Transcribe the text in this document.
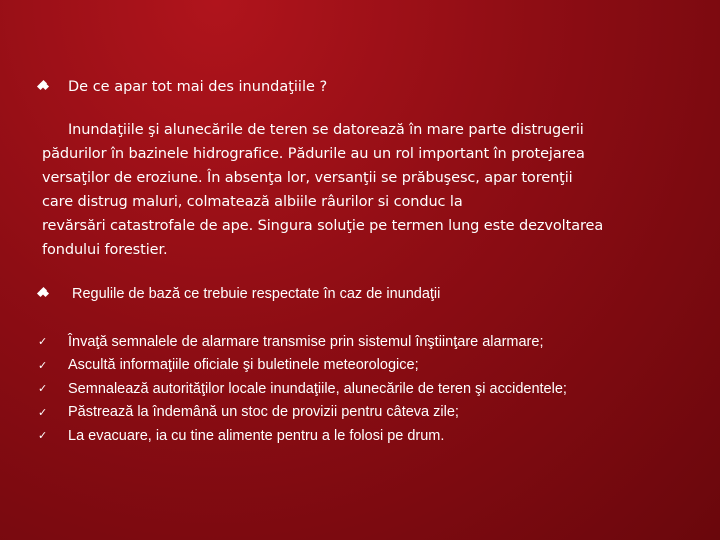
De ce apar tot mai des inundaţiile ?
Inundaţiile şi alunecările de teren se datorează în mare parte distrugerii
pădurilor în bazinele hidrografice. Pădurile au un rol important în protejarea
versaţilor de eroziune. În absenţa lor, versanţii se prăbuşesc, apar torenţii
care distrug maluri, colmatează albiile râurilor si conduc la
revărsări catastrofale de ape. Singura soluţie pe termen lung este dezvoltarea
fondului forestier.
Regulile de bază ce trebuie respectate în caz de inundaţii
✓ Învaţă semnalele de alarmare transmise prin sistemul înştiinţare alarmare;
✓ Ascultă informaţiile oficiale şi buletinele meteorologice;
✓ Semnalează autorităţilor locale inundaţiile, alunecările de teren şi accidentele;
✓ Păstrează la îndemână un stoc de provizii pentru câteva zile;
✓ La evacuare, ia cu tine alimente pentru a le folosi pe drum.
